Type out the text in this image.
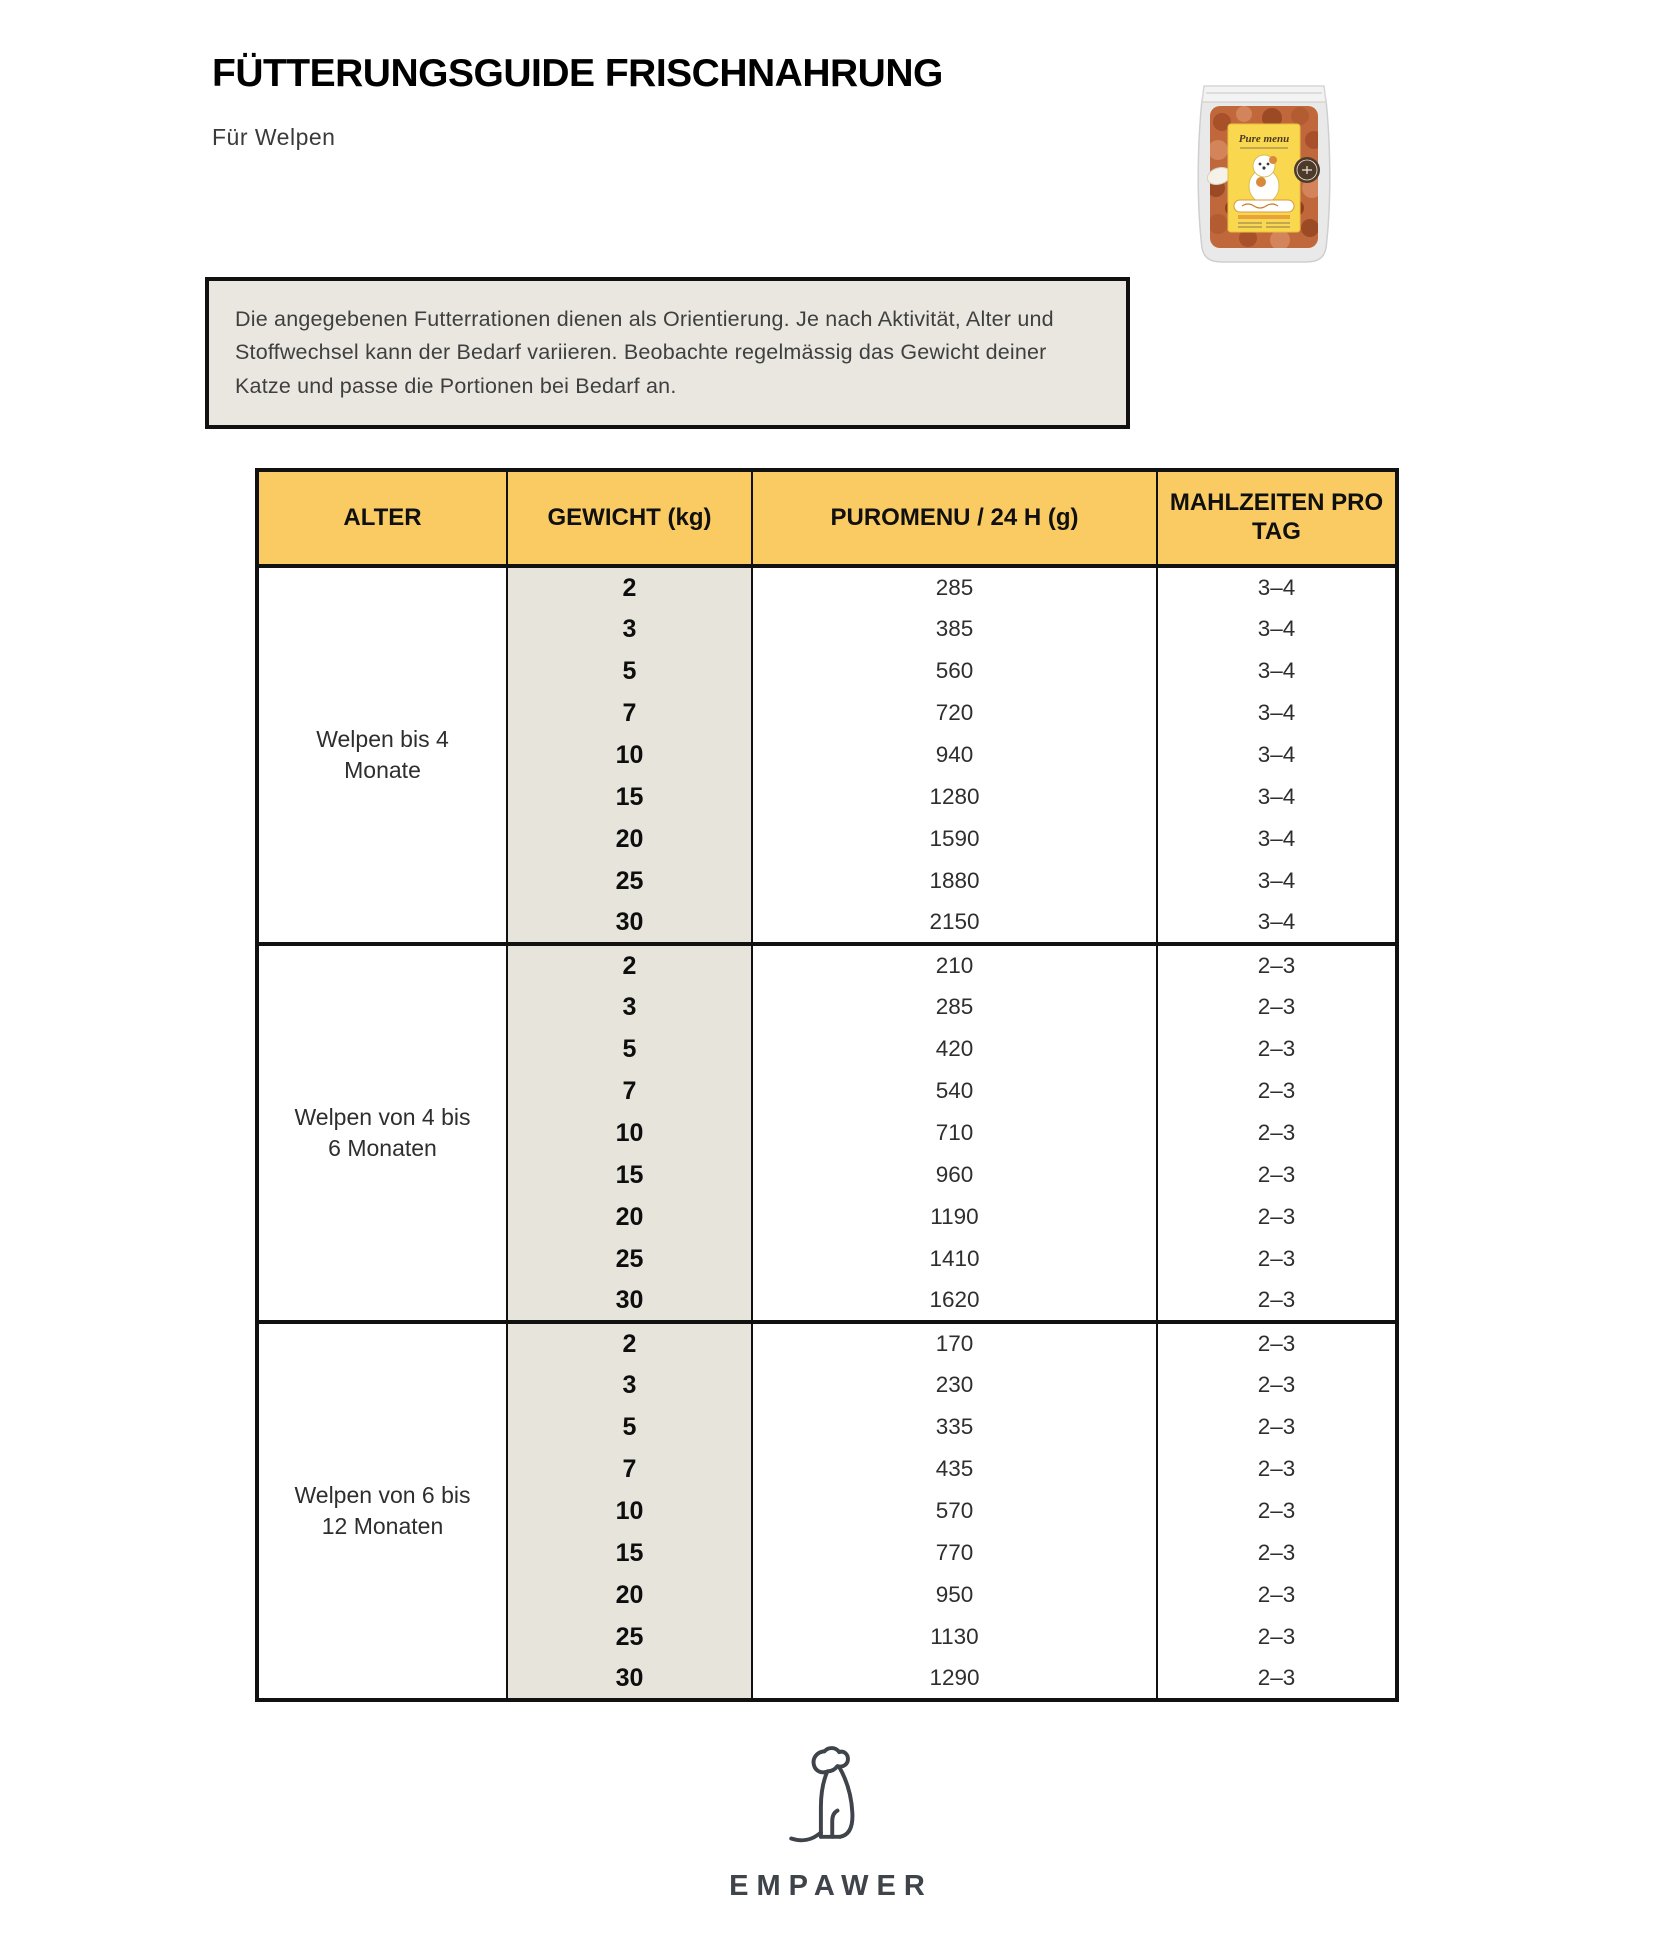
FÜTTERUNGSGUIDE FRISCHNAHRUNG
Für Welpen	Pure menu
Die angegebenen Futterrationen dienen als Orientierung. Je nach Aktivität, Alter und Stoffwechsel kann der Bedarf variieren. Beobachte regelmässig das Gewicht deiner Katze und passe die Portionen bei Bedarf an.
ALTER	GEWICHT (kg)	PUROMENU / 24 H (g)	MAHLZEITEN PRO TAG
Welpen bis 4 Monate	2	285	3–4
	3	385	3–4
	5	560	3–4
	7	720	3–4
	10	940	3–4
	15	1280	3–4
	20	1590	3–4
	25	1880	3–4
	30	2150	3–4
Welpen von 4 bis 6 Monaten	2	210	2–3
	3	285	2–3
	5	420	2–3
	7	540	2–3
	10	710	2–3
	15	960	2–3
	20	1190	2–3
	25	1410	2–3
	30	1620	2–3
Welpen von 6 bis 12 Monaten	2	170	2–3
	3	230	2–3
	5	335	2–3
	7	435	2–3
	10	570	2–3
	15	770	2–3
	20	950	2–3
	25	1130	2–3
	30	1290	2–3
EMPAWER
